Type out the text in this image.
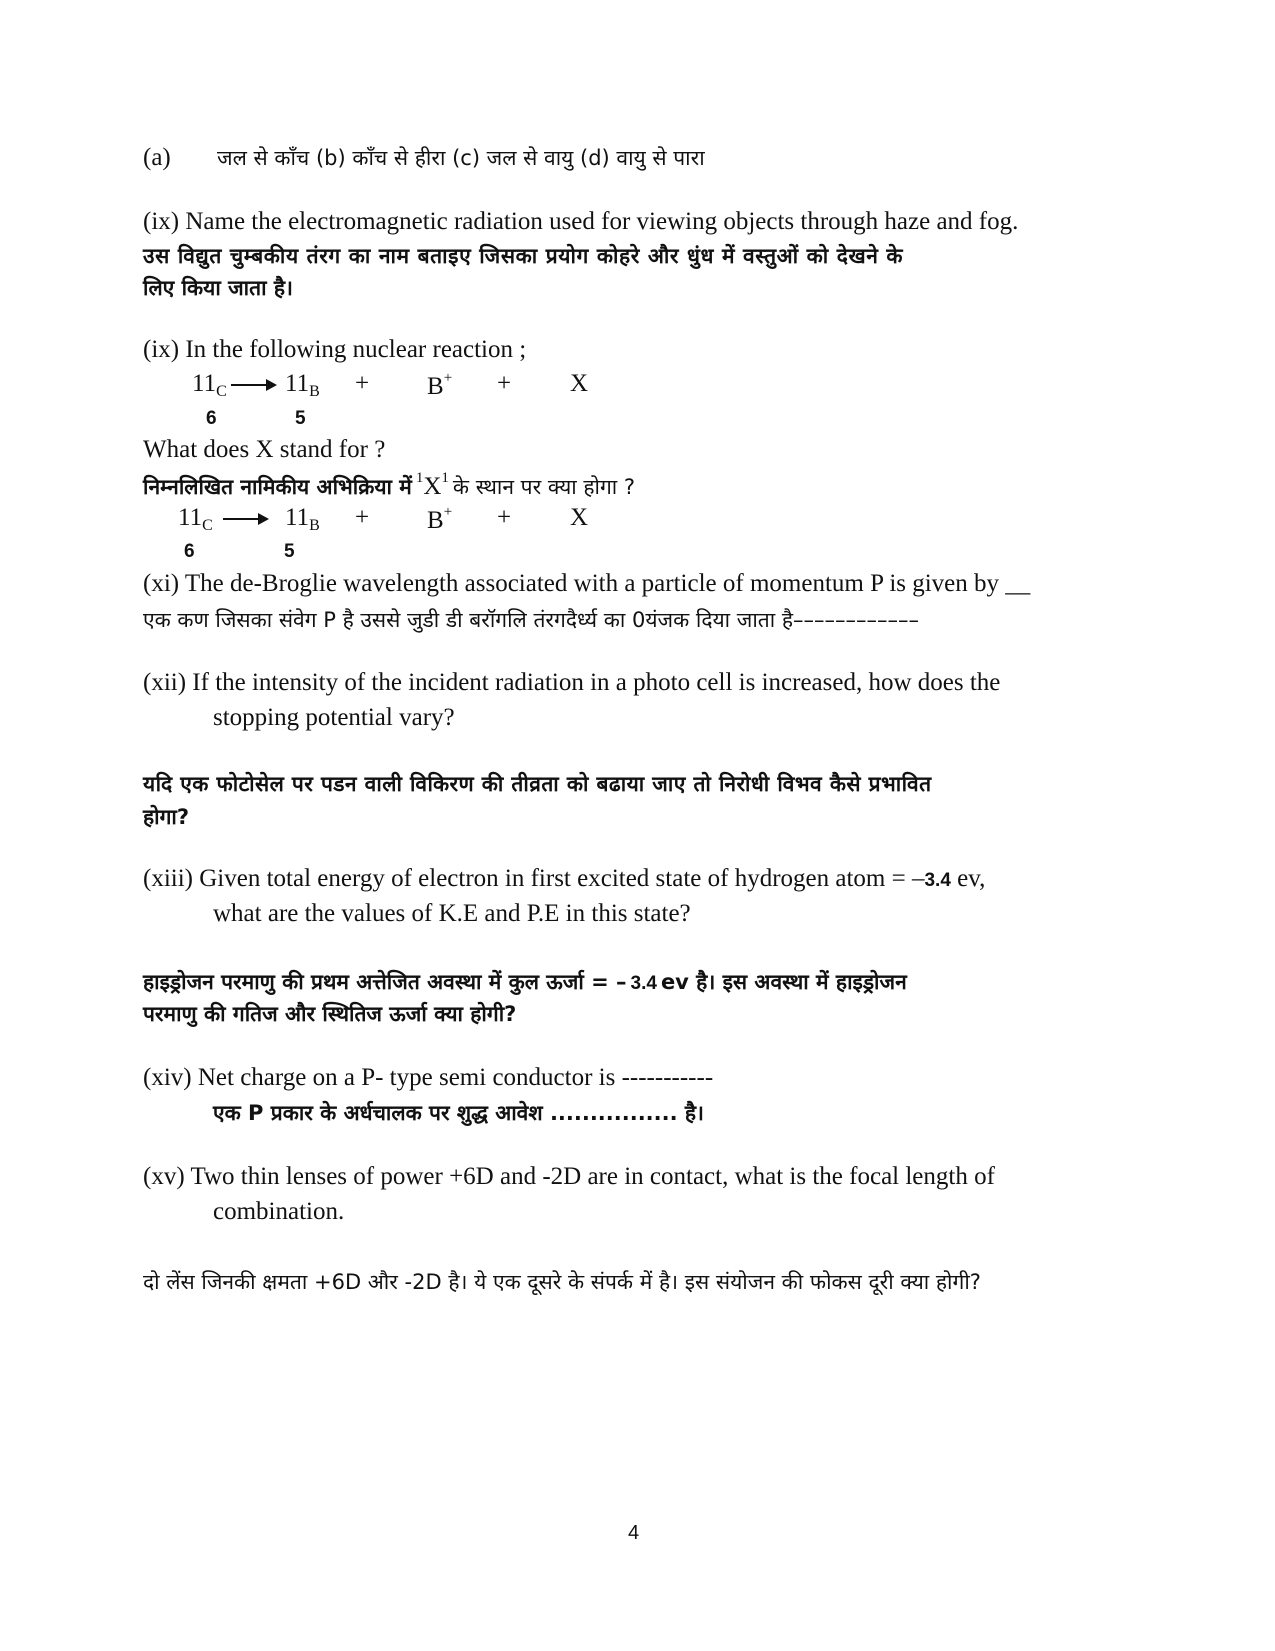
(a) जल से काँच (b) काँच से हीरा (c) जल से वायु (d) वायु से पारा
(ix) Name the electromagnetic radiation used for viewing objects through haze and fog.
उस विद्युत चुम्बकीय तंरग का नाम बताइए जिसका प्रयोग कोहरे और धुंध में वस्तुओं को देखने के
लिए किया जाता है।
(ix) In the following nuclear reaction ;
$11_C$	$11_B + B^+ + X$
6	5
What does X stand for ?
निम्नलिखित नामिकीय अभिक्रिया में $^1X^1$ के स्थान पर क्या होगा ?
$11_C$	$11_B + B^+ + X$
6	5
(xi) The de-Broglie wavelength associated with a particle of momentum P is given by __
एक कण जिसका संवेग P है उससे जुडी डी बरॉगलि तंरगदैर्ध्य का 0यंजक दिया जाता है––––––––––––
(xii) If the intensity of the incident radiation in a photo cell is increased, how does the
stopping potential vary?
यदि एक फोटोसेल पर पडन वाली विकिरण की तीव्रता को बढाया जाए तो निरोधी विभव कैसे प्रभावित
होगा?
(xiii) Given total energy of electron in first excited state of hydrogen atom = –3.4 ev,
what are the values of K.E and P.E in this state?
हाइड्रोजन परमाणु की प्रथम अत्तेजित अवस्था में कुल ऊर्जा = – 3.4 ev है। इस अवस्था में हाइड्रोजन
परमाणु की गतिज और स्थितिज ऊर्जा क्या होगी?
(xiv) Net charge on a P- type semi conductor is -----------
एक P प्रकार के अर्धचालक पर शुद्ध आवेश ................ है।
(xv) Two thin lenses of power +6D and -2D are in contact, what is the focal length of
combination.
दो लेंस जिनकी क्षमता +6D और -2D है। ये एक दूसरे के संपर्क में है। इस संयोजन की फोकस दूरी क्या होगी?
4
